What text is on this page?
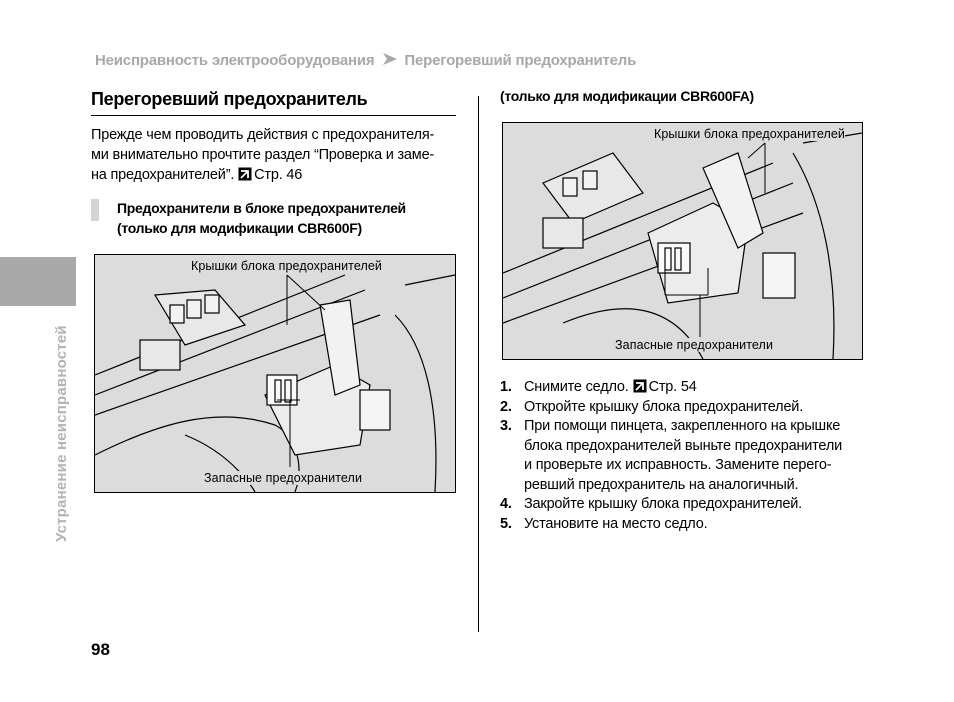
Неисправность электрооборудования Перегоревший предохранитель
Устранение неисправностей
Перегоревший предохранитель
Прежде чем проводить действия с предохранителя-
ми внимательно прочтите раздел “Проверка и заме-
на предохранителей”. Стр. 46
Предохранители в блоке предохранителей
(только для модификации CBR600F)
Крышки блока предохранителей
Запасные предохранители
(только для модификации CBR600FA)
Крышки блока предохранителей
Запасные предохранители
1. Снимите седло. Стр. 54
2. Откройте крышку блока предохранителей.
3. При помощи пинцета, закрепленного на крышке
блока предохранителей выньте предохранители
и проверьте их исправность. Замените перего-
ревший предохранитель на аналогичный.
4. Закройте крышку блока предохранителей.
5. Установите на место седло.
98
